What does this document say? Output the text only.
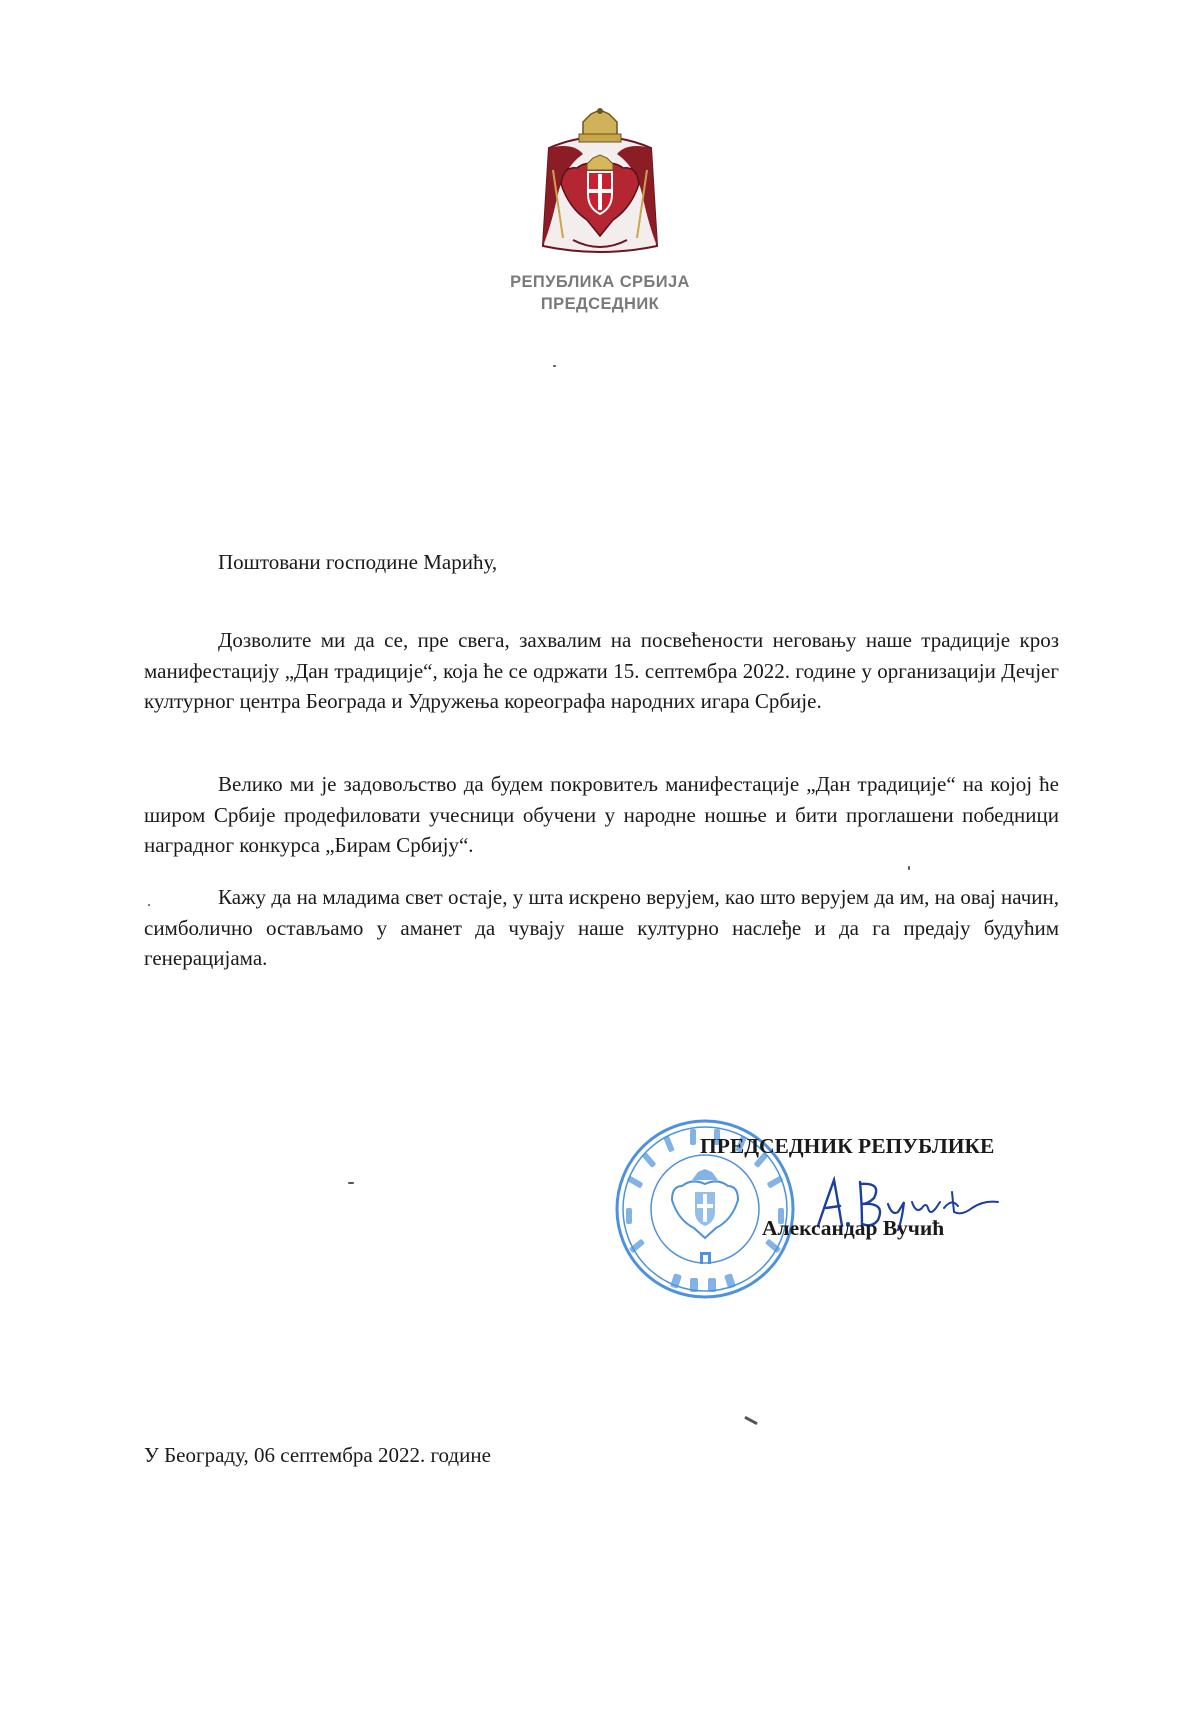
РЕПУБЛИКА СРБИЈА
ПРЕДСЕДНИК
Поштовани господине Марићу,
Дозволите ми да се, пре свега, захвалим на посвећености неговању наше традиције кроз манифестацију „Дан традиције“, која ће се одржати 15. септембра 2022. године у организацији Дечјег културног центра Београда и Удружења кореографа народних игара Србије.
Велико ми је задовољство да будем покровитељ манифестације „Дан традиције“ на којој ће широм Србије продефиловати учесници обучени у народне ношње и бити проглашени победници наградног конкурса „Бирам Србију“.
Кажу да на младима свет остаје, у шта искрено верујем, као што верујем да им, на овај начин, симболично остављамо у аманет да чувају наше културно наслеђе и да га предају будућим генерацијама.
ПРЕДСЕДНИК РЕПУБЛИКЕ
Александар Вучић
У Београду, 06 септембра 2022. године
